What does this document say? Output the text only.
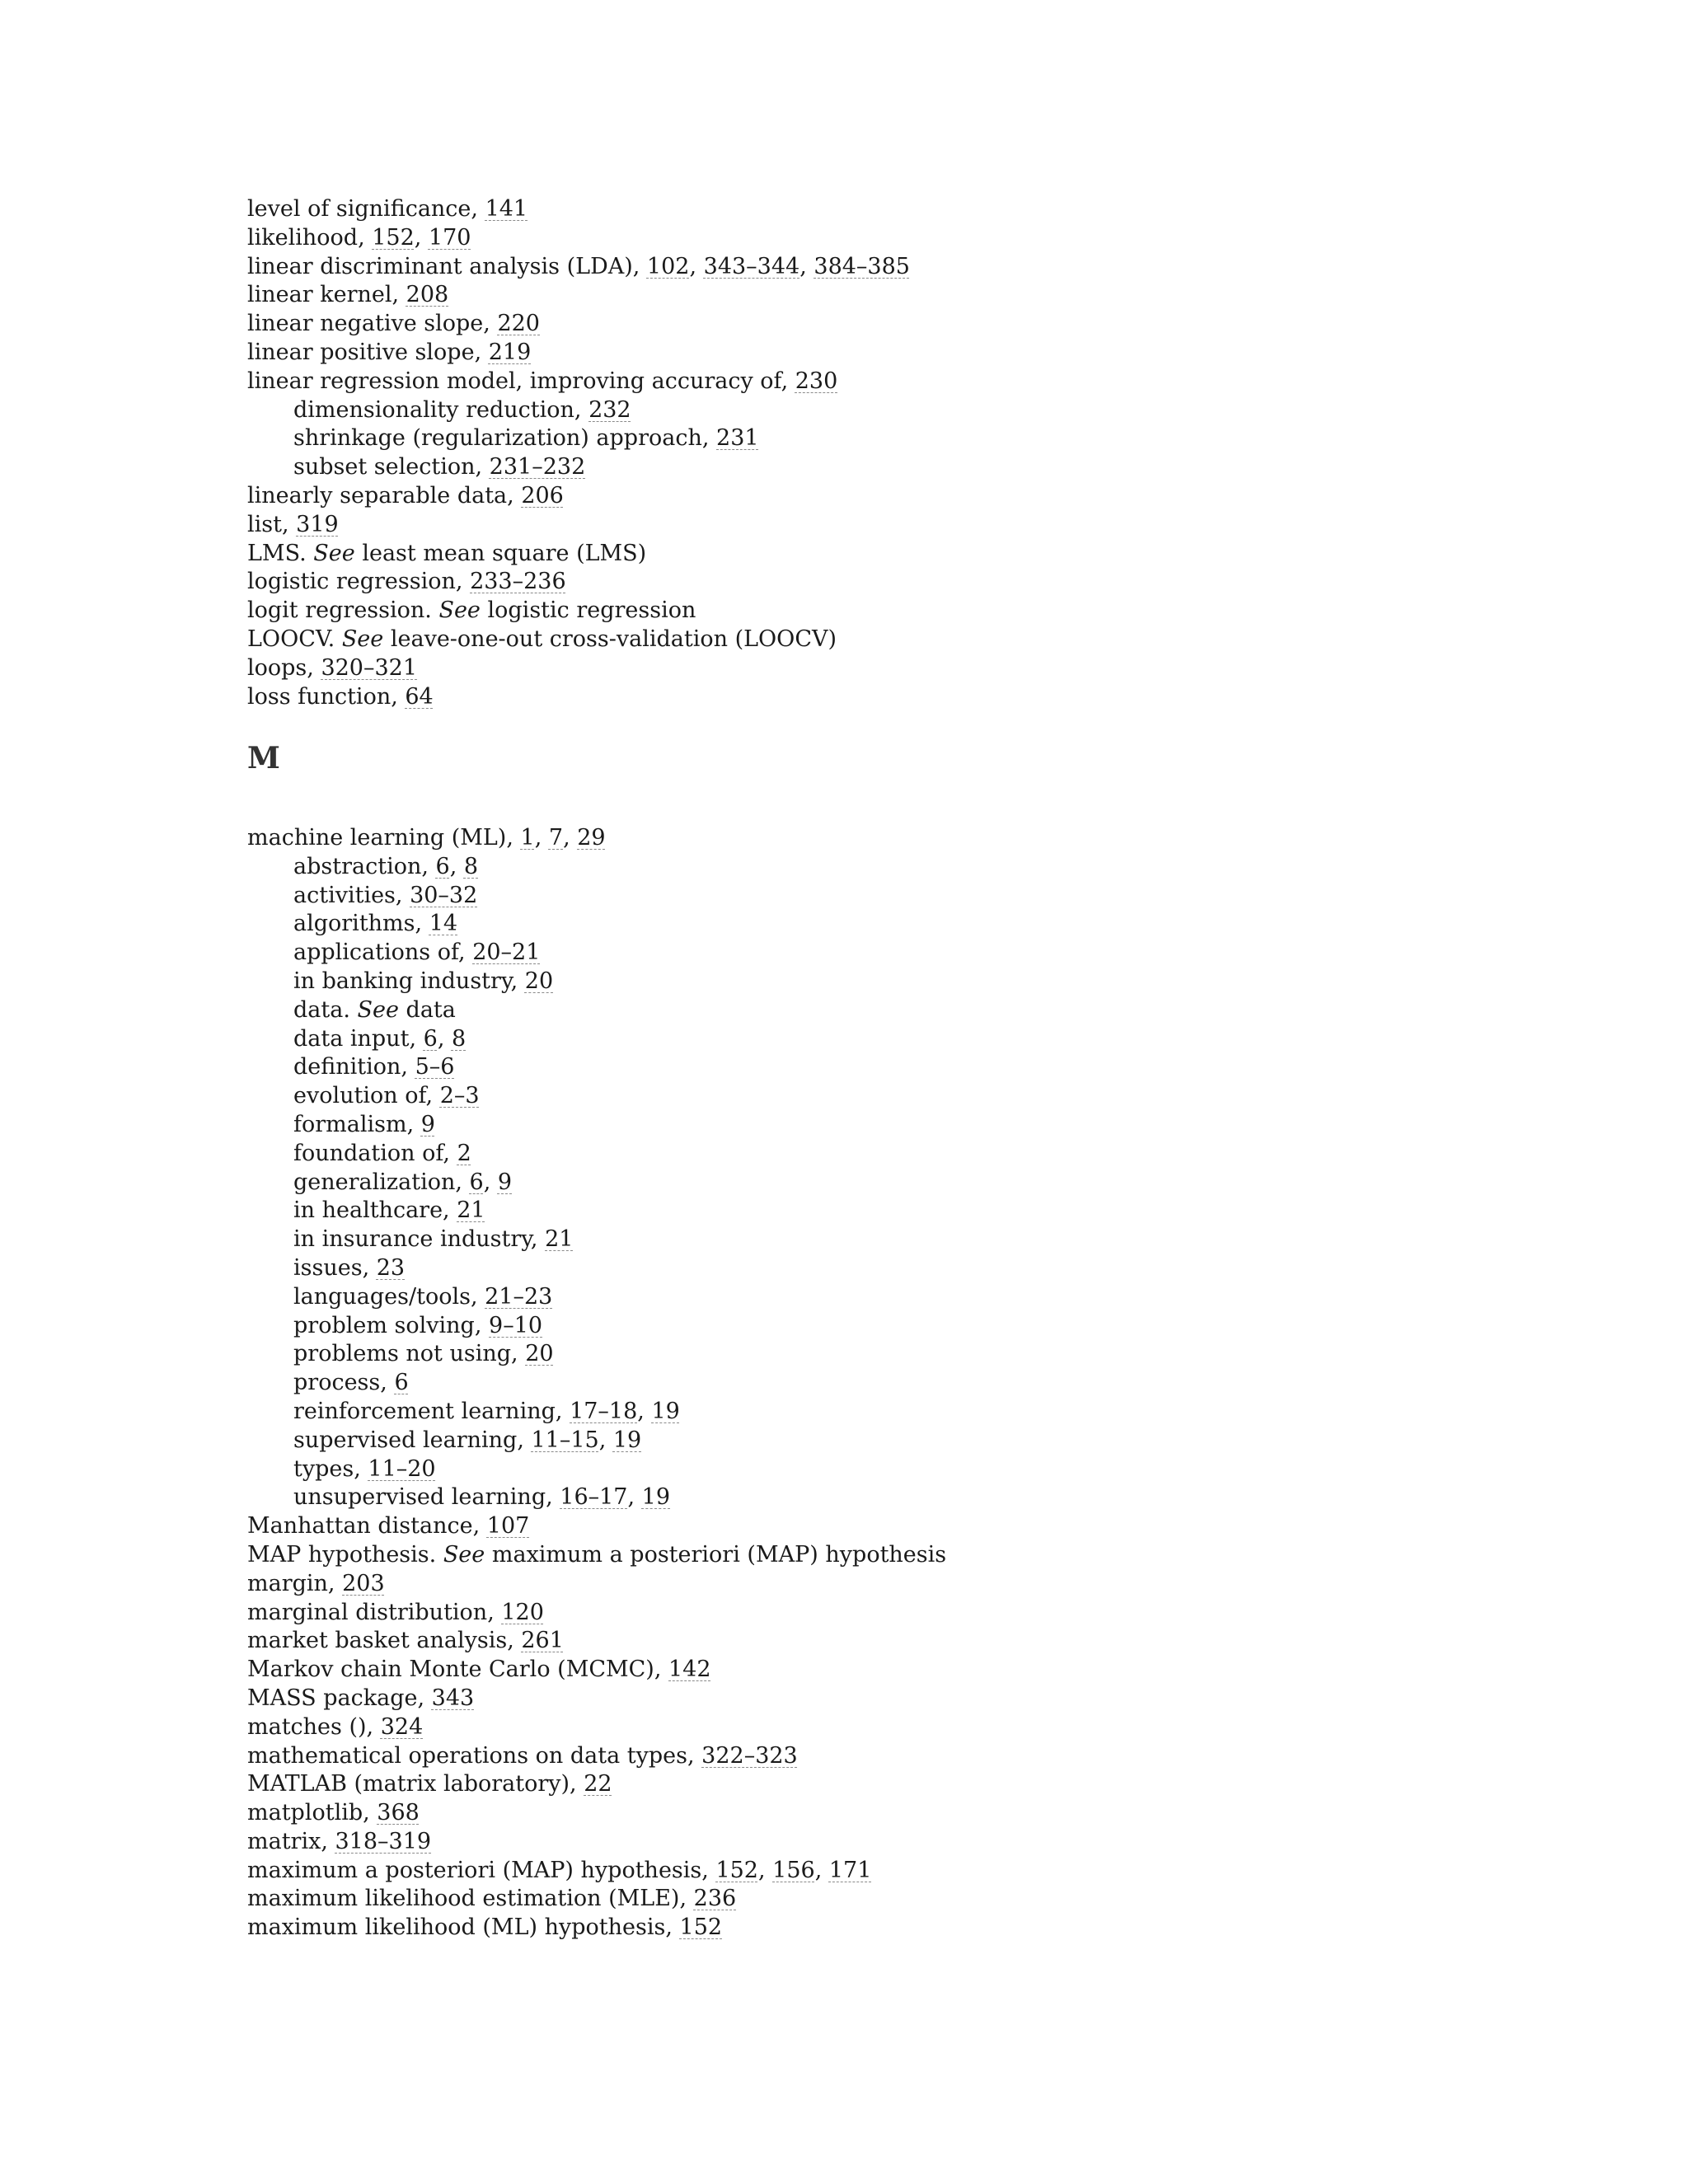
level of significance, 141
likelihood, 152, 170
linear discriminant analysis (LDA), 102, 343–344, 384–385
linear kernel, 208
linear negative slope, 220
linear positive slope, 219
linear regression model, improving accuracy of, 230
dimensionality reduction, 232
shrinkage (regularization) approach, 231
subset selection, 231–232
linearly separable data, 206
list, 319
LMS. See least mean square (LMS)
logistic regression, 233–236
logit regression. See logistic regression
LOOCV. See leave-one-out cross-validation (LOOCV)
loops, 320–321
loss function, 64
M
machine learning (ML), 1, 7, 29
abstraction, 6, 8
activities, 30–32
algorithms, 14
applications of, 20–21
in banking industry, 20
data. See data
data input, 6, 8
definition, 5–6
evolution of, 2–3
formalism, 9
foundation of, 2
generalization, 6, 9
in healthcare, 21
in insurance industry, 21
issues, 23
languages/tools, 21–23
problem solving, 9–10
problems not using, 20
process, 6
reinforcement learning, 17–18, 19
supervised learning, 11–15, 19
types, 11–20
unsupervised learning, 16–17, 19
Manhattan distance, 107
MAP hypothesis. See maximum a posteriori (MAP) hypothesis
margin, 203
marginal distribution, 120
market basket analysis, 261
Markov chain Monte Carlo (MCMC), 142
MASS package, 343
matches (), 324
mathematical operations on data types, 322–323
MATLAB (matrix laboratory), 22
matplotlib, 368
matrix, 318–319
maximum a posteriori (MAP) hypothesis, 152, 156, 171
maximum likelihood estimation (MLE), 236
maximum likelihood (ML) hypothesis, 152
